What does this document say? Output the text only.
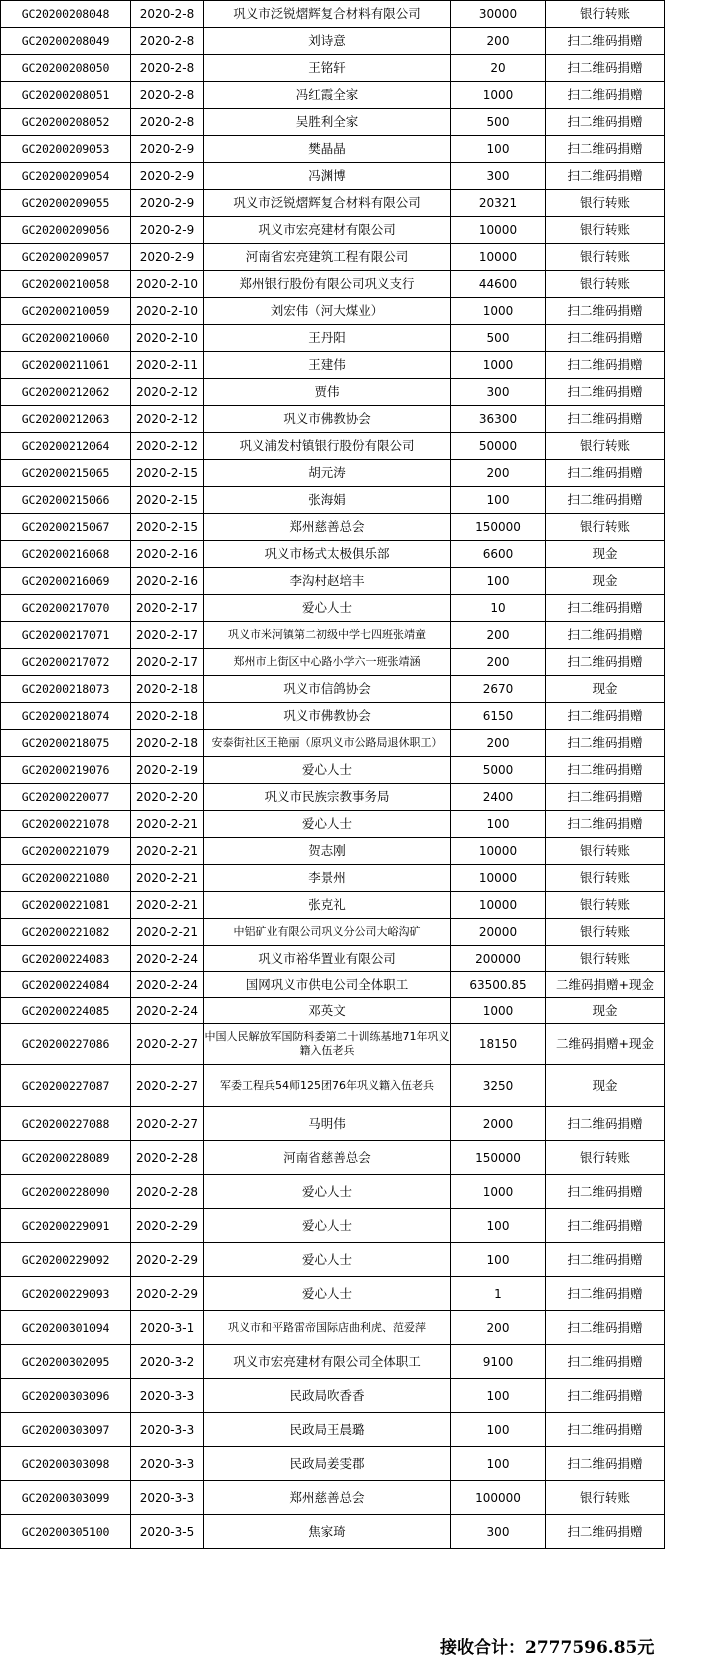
GC20200208048	2020-2-8	巩义市泛锐熠辉复合材料有限公司	30000	银行转账
GC20200208049	2020-2-8	刘诗意	200	扫二维码捐赠
GC20200208050	2020-2-8	王铭轩	20	扫二维码捐赠
GC20200208051	2020-2-8	冯红霞全家	1000	扫二维码捐赠
GC20200208052	2020-2-8	吴胜利全家	500	扫二维码捐赠
GC20200209053	2020-2-9	樊晶晶	100	扫二维码捐赠
GC20200209054	2020-2-9	冯渊博	300	扫二维码捐赠
GC20200209055	2020-2-9	巩义市泛锐熠辉复合材料有限公司	20321	银行转账
GC20200209056	2020-2-9	巩义市宏亮建材有限公司	10000	银行转账
GC20200209057	2020-2-9	河南省宏亮建筑工程有限公司	10000	银行转账
GC20200210058	2020-2-10	郑州银行股份有限公司巩义支行	44600	银行转账
GC20200210059	2020-2-10	刘宏伟（河大煤业）	1000	扫二维码捐赠
GC20200210060	2020-2-10	王丹阳	500	扫二维码捐赠
GC20200211061	2020-2-11	王建伟	1000	扫二维码捐赠
GC20200212062	2020-2-12	贾伟	300	扫二维码捐赠
GC20200212063	2020-2-12	巩义市佛教协会	36300	扫二维码捐赠
GC20200212064	2020-2-12	巩义浦发村镇银行股份有限公司	50000	银行转账
GC20200215065	2020-2-15	胡元涛	200	扫二维码捐赠
GC20200215066	2020-2-15	张海娟	100	扫二维码捐赠
GC20200215067	2020-2-15	郑州慈善总会	150000	银行转账
GC20200216068	2020-2-16	巩义市杨式太极俱乐部	6600	现金
GC20200216069	2020-2-16	李沟村赵培丰	100	现金
GC20200217070	2020-2-17	爱心人士	10	扫二维码捐赠
GC20200217071	2020-2-17	巩义市米河镇第二初级中学七四班张靖童	200	扫二维码捐赠
GC20200217072	2020-2-17	郑州市上街区中心路小学六一班张靖涵	200	扫二维码捐赠
GC20200218073	2020-2-18	巩义市信鸽协会	2670	现金
GC20200218074	2020-2-18	巩义市佛教协会	6150	扫二维码捐赠
GC20200218075	2020-2-18	安泰街社区王艳丽（原巩义市公路局退休职工）	200	扫二维码捐赠
GC20200219076	2020-2-19	爱心人士	5000	扫二维码捐赠
GC20200220077	2020-2-20	巩义市民族宗教事务局	2400	扫二维码捐赠
GC20200221078	2020-2-21	爱心人士	100	扫二维码捐赠
GC20200221079	2020-2-21	贺志刚	10000	银行转账
GC20200221080	2020-2-21	李景州	10000	银行转账
GC20200221081	2020-2-21	张克礼	10000	银行转账
GC20200221082	2020-2-21	中铝矿业有限公司巩义分公司大峪沟矿	20000	银行转账
GC20200224083	2020-2-24	巩义市裕华置业有限公司	200000	银行转账
GC20200224084	2020-2-24	国网巩义市供电公司全体职工	63500.85	二维码捐赠+现金
GC20200224085	2020-2-24	邓英文	1000	现金
GC20200227086	2020-2-27	中国人民解放军国防科委第二十训练基地71年巩义籍入伍老兵	18150	二维码捐赠+现金
GC20200227087	2020-2-27	军委工程兵54师125团76年巩义籍入伍老兵	3250	现金
GC20200227088	2020-2-27	马明伟	2000	扫二维码捐赠
GC20200228089	2020-2-28	河南省慈善总会	150000	银行转账
GC20200228090	2020-2-28	爱心人士	1000	扫二维码捐赠
GC20200229091	2020-2-29	爱心人士	100	扫二维码捐赠
GC20200229092	2020-2-29	爱心人士	100	扫二维码捐赠
GC20200229093	2020-2-29	爱心人士	1	扫二维码捐赠
GC20200301094	2020-3-1	巩义市和平路雷帝国际店曲利虎、范爱萍	200	扫二维码捐赠
GC20200302095	2020-3-2	巩义市宏亮建材有限公司全体职工	9100	扫二维码捐赠
GC20200303096	2020-3-3	民政局吹香香	100	扫二维码捐赠
GC20200303097	2020-3-3	民政局王晨璐	100	扫二维码捐赠
GC20200303098	2020-3-3	民政局姜雯郡	100	扫二维码捐赠
GC20200303099	2020-3-3	郑州慈善总会	100000	银行转账
GC20200305100	2020-3-5	焦家琦	300	扫二维码捐赠
接收合计：2777596.85元
